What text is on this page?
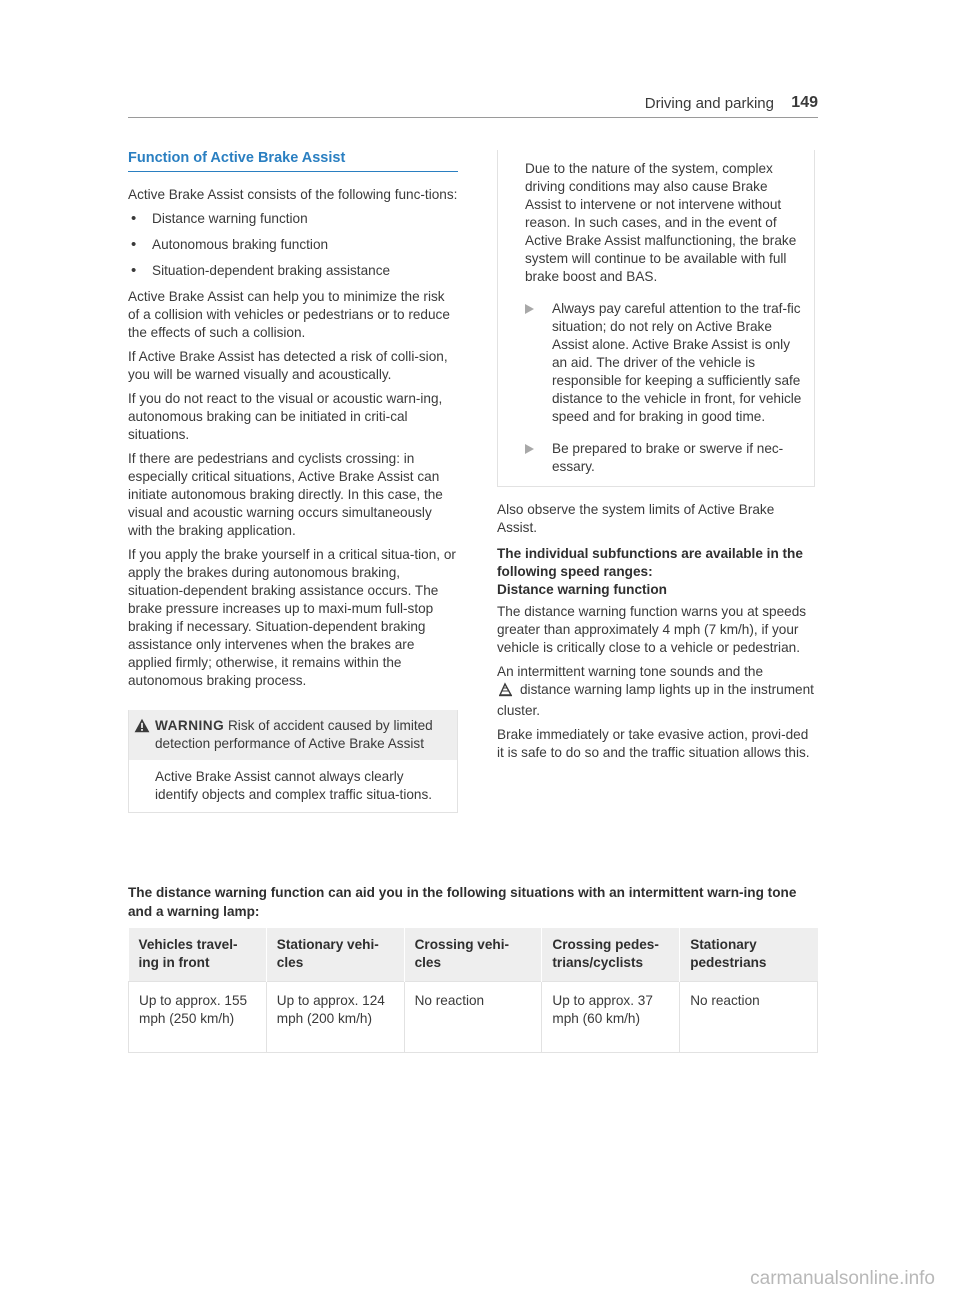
Driving and parking 149
Function of Active Brake Assist

Active Brake Assist consists of the following func-tions:

• Distance warning function
• Autonomous braking function
• Situation-dependent braking assistance

Active Brake Assist can help you to minimize the risk of a collision with vehicles or pedestrians or to reduce the effects of such a collision.

If Active Brake Assist has detected a risk of colli-sion, you will be warned visually and acoustically.

If you do not react to the visual or acoustic warn-ing, autonomous braking can be initiated in criti-cal situations.

If there are pedestrians and cyclists crossing: in especially critical situations, Active Brake Assist can initiate autonomous braking directly. In this case, the visual and acoustic warning occurs simultaneously with the braking application.

If you apply the brake yourself in a critical situa-tion, or apply the brakes during autonomous braking, situation-dependent braking assistance occurs. The brake pressure increases up to maxi-mum full-stop braking if necessary. Situation-dependent braking assistance only intervenes when the brakes are applied firmly; otherwise, it remains within the autonomous braking process.

WARNING Risk of accident caused by limited detection performance of Active Brake Assist
Active Brake Assist cannot always clearly identify objects and complex traffic situa-tions.

Due to the nature of the system, complex driving conditions may also cause Brake Assist to intervene or not intervene without reason. In such cases, and in the event of Active Brake Assist malfunctioning, the brake system will continue to be available with full brake boost and BAS.

Always pay careful attention to the traf-fic situation; do not rely on Active Brake Assist alone. Active Brake Assist is only an aid. The driver of the vehicle is responsible for keeping a sufficiently safe distance to the vehicle in front, for vehicle speed and for braking in good time.
Be prepared to brake or swerve if nec-essary.

Also observe the system limits of Active Brake Assist.

The individual subfunctions are available in the following speed ranges:
Distance warning function

The distance warning function warns you at speeds greater than approximately 4 mph (7 km/h), if your vehicle is critically close to a vehicle or pedestrian.

An intermittent warning tone sounds and the
distance warning lamp lights up in the instrument cluster.

Brake immediately or take evasive action, provi-ded it is safe to do so and the traffic situation allows this.

The distance warning function can aid you in the following situations with an intermittent warn-ing tone and a warning lamp:
Vehicles travel-ing in front	Stationary vehi-cles	Crossing vehi-cles	Crossing pedes-trians/cyclists	Stationary pedestrians
Up to approx. 155 mph (250 km/h)	Up to approx. 124 mph (200 km/h)	No reaction	Up to approx. 37 mph (60 km/h)	No reaction
carmanualsonline.info
